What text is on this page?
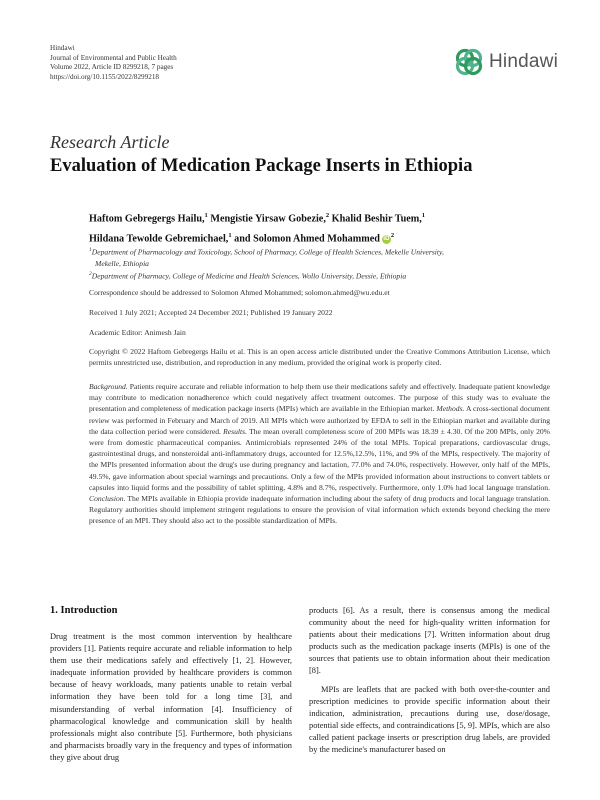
Hindawi
Journal of Environmental and Public Health
Volume 2022, Article ID 8299218, 7 pages
https://doi.org/10.1155/2022/8299218
Hindawi
Research Article
Evaluation of Medication Package Inserts in Ethiopia
Haftom Gebregergs Hailu,$^1$ Mengistie Yirsaw Gobezie,$^2$ Khalid Beshir Tuem,$^1$
Hildana Tewolde Gebremichael,$^1$ and Solomon Ahmed Mohammed iD $^2$
$^1$Department of Pharmacology and Toxicology, School of Pharmacy, College of Health Sciences, Mekelle University,
Mekelle, Ethiopia
$^2$Department of Pharmacy, College of Medicine and Health Sciences, Wollo University, Dessie, Ethiopia
Correspondence should be addressed to Solomon Ahmed Mohammed; solomon.ahmed@wu.edu.et
Received 1 July 2021; Accepted 24 December 2021; Published 19 January 2022
Academic Editor: Animesh Jain
Copyright © 2022 Haftom Gebregergs Hailu et al. This is an open access article distributed under the Creative Commons Attribution License, which permits unrestricted use, distribution, and reproduction in any medium, provided the original work is properly cited.
Background. Patients require accurate and reliable information to help them use their medications safely and effectively. Inadequate patient knowledge may contribute to medication nonadherence which could negatively affect treatment outcomes. The purpose of this study was to evaluate the presentation and completeness of medication package inserts (MPIs) which are available in the Ethiopian market. Methods. A cross-sectional document review was performed in February and March of 2019. All MPIs which were authorized by EFDA to sell in the Ethiopian market and available during the data collection period were considered. Results. The mean overall completeness score of 200 MPIs was 18.39 ± 4.30. Of the 200 MPIs, only 20% were from domestic pharmaceutical companies. Antimicrobials represented 24% of the total MPIs. Topical preparations, cardiovascular drugs, gastrointestinal drugs, and nonsteroidal anti-inflammatory drugs, accounted for 12.5%,12.5%, 11%, and 9% of the MPIs, respectively. The majority of the MPIs presented information about the drug's use during pregnancy and lactation, 77.0% and 74.0%, respectively. However, only half of the MPIs, 49.5%, gave information about special warnings and precautions. Only a few of the MPIs provided information about instructions to convert tablets or capsules into liquid forms and the possibility of tablet splitting, 4.8% and 8.7%, respectively. Furthermore, only 1.0% had local language translation. Conclusion. The MPIs available in Ethiopia provide inadequate information including about the safety of drug products and local language translation. Regulatory authorities should implement stringent regulations to ensure the provision of vital information which extends beyond checking the mere presence of an MPI. They should also act to the possible standardization of MPIs.
1. Introduction

Drug treatment is the most common intervention by healthcare providers [1]. Patients require accurate and reliable information to help them use their medications safely and effectively [1, 2]. However, inadequate information provided by healthcare providers is common because of heavy workloads, many patients unable to retain verbal information they have been told for a long time [3], and misunderstanding of verbal information [4]. Insufficiency of pharmacological knowledge and communication skill by health professionals might also contribute [5]. Furthermore, both physicians and pharmacists broadly vary in the frequency and types of information they give about drug

products [6]. As a result, there is consensus among the medical community about the need for high-quality written information for patients about their medications [7]. Written information about drug products such as the medication package inserts (MPIs) is one of the sources that patients use to obtain information about their medication [8].

MPIs are leaflets that are packed with both over-the-counter and prescription medicines to provide specific information about their indication, administration, precautions during use, dose/dosage, potential side effects, and contraindications [5, 9]. MPIs, which are also called patient package inserts or prescription drug labels, are provided by the medicine's manufacturer based on
